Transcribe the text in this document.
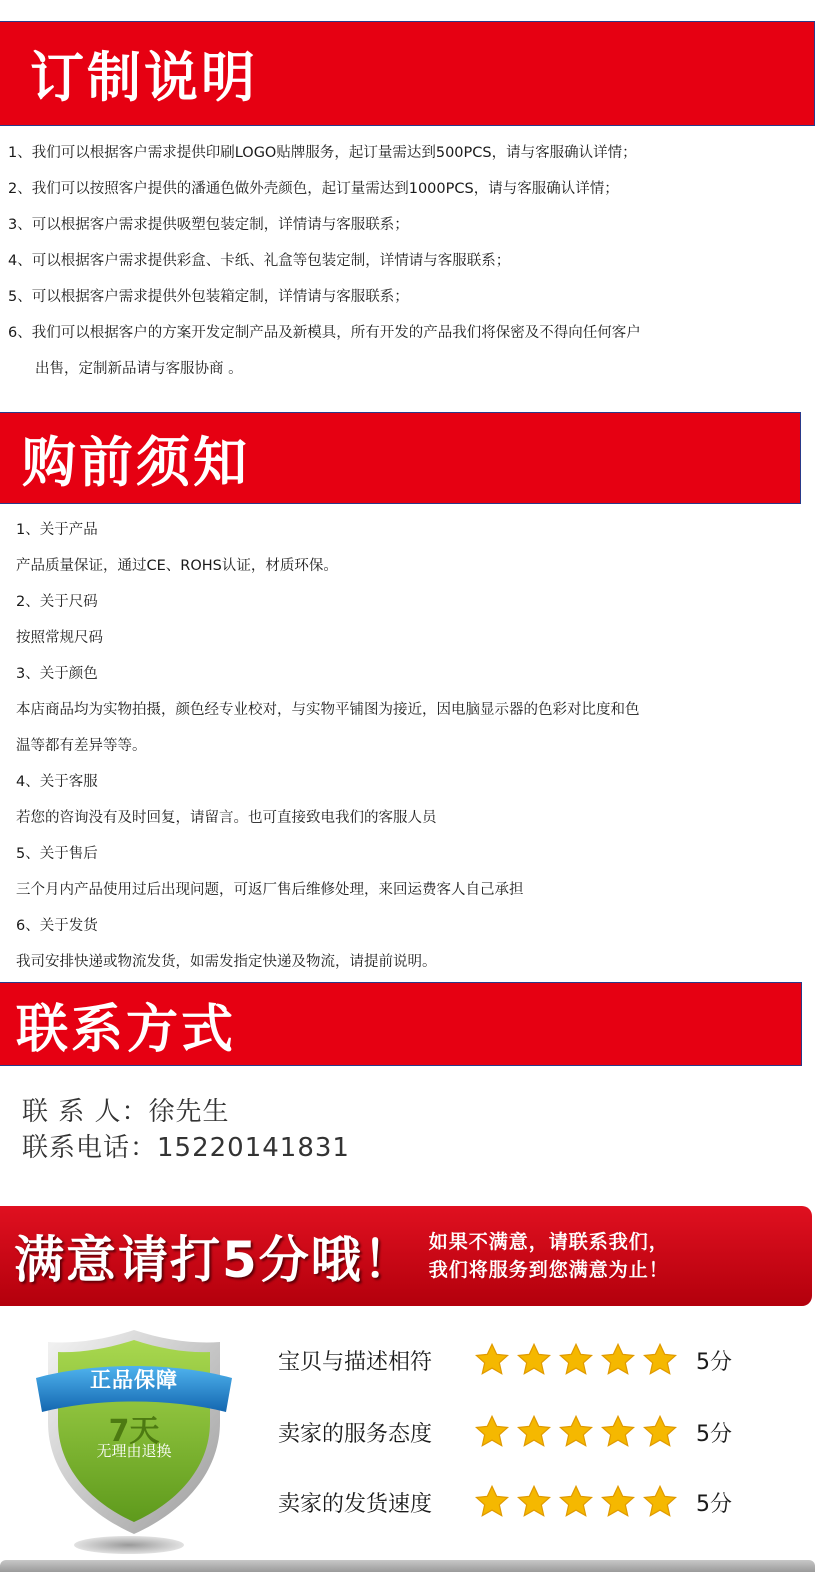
订制说明
1、我们可以根据客户需求提供印刷LOGO贴牌服务，起订量需达到500PCS，请与客服确认详情；
2、我们可以按照客户提供的潘通色做外壳颜色，起订量需达到1000PCS，请与客服确认详情；
3、可以根据客户需求提供吸塑包装定制，详情请与客服联系；
4、可以根据客户需求提供彩盒、卡纸、礼盒等包装定制，详情请与客服联系；
5、可以根据客户需求提供外包装箱定制，详情请与客服联系；
6、我们可以根据客户的方案开发定制产品及新模具，所有开发的产品我们将保密及不得向任何客户
出售，定制新品请与客服协商 。
购前须知
1、关于产品
产品质量保证，通过CE、ROHS认证，材质环保。
2、关于尺码
按照常规尺码
3、关于颜色
本店商品均为实物拍摄，颜色经专业校对，与实物平铺图为接近，因电脑显示器的色彩对比度和色
温等都有差异等等。
4、关于客服
若您的咨询没有及时回复，请留言。也可直接致电我们的客服人员
5、关于售后
三个月内产品使用过后出现问题，可返厂售后维修处理，来回运费客人自己承担
6、关于发货
我司安排快递或物流发货，如需发指定快递及物流，请提前说明。
联系方式
联 系 人：徐先生
联系电话：15220141831
满意请打5分哦！ 如果不满意，请联系我们，
我们将服务到您满意为止！
正品保障
7天
无理由退换
宝贝与描述相符	5分
卖家的服务态度	5分
卖家的发货速度	5分
